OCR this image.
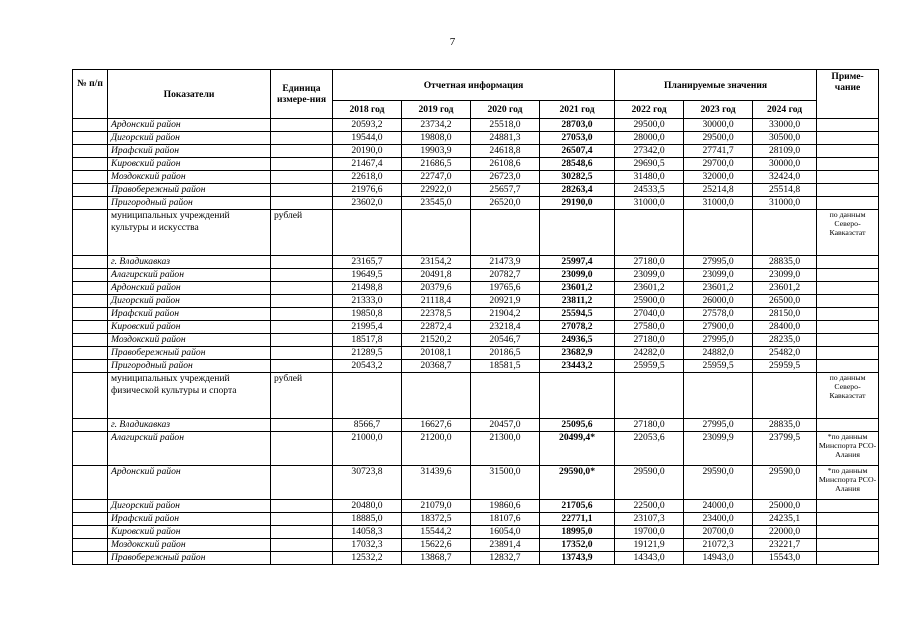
7
№ п/п	Показатели	Единица измере-ния	Отчетная информация				Планируемые значения			Приме-чание
			2018 год	2019 год	2020 год	2021 год	2022 год	2023 год	2024 год	
	Ардонский район		20593,2	23734,2	25518,0	28703,0	29500,0	30000,0	33000,0	
	Дигорский район		19544,0	19808,0	24881,3	27053,0	28000,0	29500,0	30500,0	
	Ирафский район		20190,0	19903,9	24618,8	26507,4	27342,0	27741,7	28109,0	
	Кировский район		21467,4	21686,5	26108,6	28548,6	29690,5	29700,0	30000,0	
	Моздокский район		22618,0	22747,0	26723,0	30282,5	31480,0	32000,0	32424,0	
	Правобережный район		21976,6	22922,0	25657,7	28263,4	24533,5	25214,8	25514,8	
	Пригородный район		23602,0	23545,0	26520,0	29190,0	31000,0	31000,0	31000,0	
	муниципальных учреждений культуры и искусства	рублей								по данным Северо-Кавказстат
	г. Владикавказ		23165,7	23154,2	21473,9	25997,4	27180,0	27995,0	28835,0	
	Алагирский район		19649,5	20491,8	20782,7	23099,0	23099,0	23099,0	23099,0	
	Ардонский район		21498,8	20379,6	19765,6	23601,2	23601,2	23601,2	23601,2	
	Дигорский район		21333,0	21118,4	20921,9	23811,2	25900,0	26000,0	26500,0	
	Ирафский район		19850,8	22378,5	21904,2	25594,5	27040,0	27578,0	28150,0	
	Кировский район		21995,4	22872,4	23218,4	27078,2	27580,0	27900,0	28400,0	
	Моздокский район		18517,8	21520,2	20546,7	24936,5	27180,0	27995,0	28235,0	
	Правобережный район		21289,5	20108,1	20186,5	23682,9	24282,0	24882,0	25482,0	
	Пригородный район		20543,2	20368,7	18581,5	23443,2	25959,5	25959,5	25959,5	
	муниципальных учреждений физической культуры и спорта	рублей								по данным Северо-Кавказстат
	г. Владикавказ		8566,7	16627,6	20457,0	25095,6	27180,0	27995,0	28835,0	
	Алагирский район		21000,0	21200,0	21300,0	20499,4*	22053,6	23099,9	23799,5	*по данным Минспорта РСО-Алания
	Ардонский район		30723,8	31439,6	31500,0	29590,0*	29590,0	29590,0	29590,0	*по данным Минспорта РСО-Алания
	Дигорский район		20480,0	21079,0	19860,6	21705,6	22500,0	24000,0	25000,0	
	Ирафский район		18885,0	18372,5	18107,6	22771,1	23107,3	23400,0	24235,1	
	Кировский район		14058,3	15544,2	16054,0	18995,0	19700,0	20700,0	22000,0	
	Моздокский район		17032,3	15622,6	23891,4	17352,0	19121,9	21072,3	23221,7	
	Правобережный район		12532,2	13868,7	12832,7	13743,9	14343,0	14943,0	15543,0	
